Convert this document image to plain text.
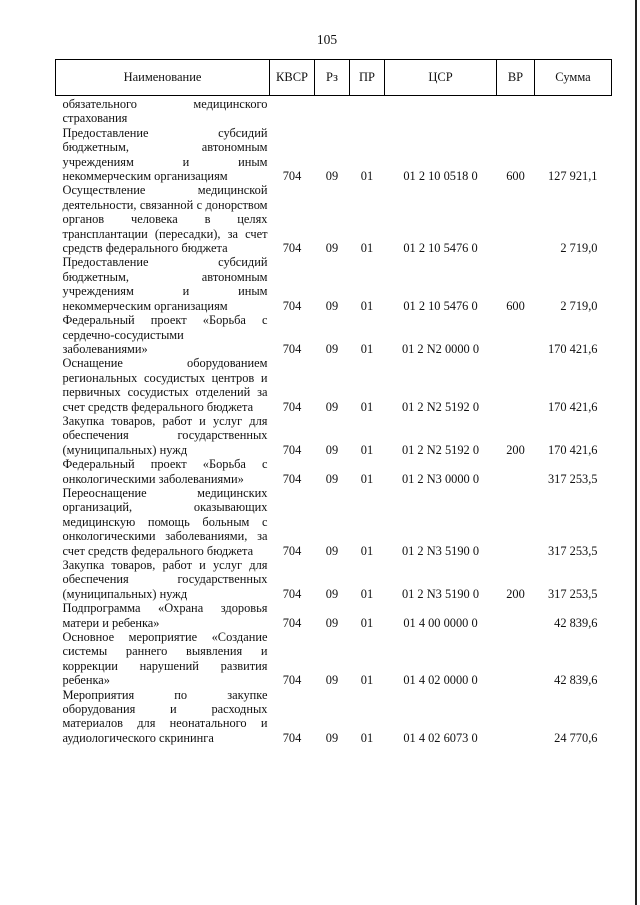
105
Наименование	КВСР	Рз	ПР	ЦСР	ВР	Сумма
обязательного медицинского страхования						
Предоставление субсидий бюджетным, автономным учреждениям и иным некоммерческим организациям	704	09	01	01 2 10 0518 0	600	127 921,1
Осуществление медицинской деятельности, связанной с донорством органов человека в целях трансплантации (пересадки), за счет средств федерального бюджета	704	09	01	01 2 10 5476 0		2 719,0
Предоставление субсидий бюджетным, автономным учреждениям и иным некоммерческим организациям	704	09	01	01 2 10 5476 0	600	2 719,0
Федеральный проект «Борьба с сердечно-сосудистыми заболеваниями»	704	09	01	01 2 N2 0000 0		170 421,6
Оснащение оборудованием региональных сосудистых центров и первичных сосудистых отделений за счет средств федерального бюджета	704	09	01	01 2 N2 5192 0		170 421,6
Закупка товаров, работ и услуг для обеспечения государственных (муниципальных) нужд	704	09	01	01 2 N2 5192 0	200	170 421,6
Федеральный проект «Борьба с онкологическими заболеваниями»	704	09	01	01 2 N3 0000 0		317 253,5
Переоснащение медицинских организаций, оказывающих медицинскую помощь больным с онкологическими заболеваниями, за счет средств федерального бюджета	704	09	01	01 2 N3 5190 0		317 253,5
Закупка товаров, работ и услуг для обеспечения государственных (муниципальных) нужд	704	09	01	01 2 N3 5190 0	200	317 253,5
Подпрограмма «Охрана здоровья матери и ребенка»	704	09	01	01 4 00 0000 0		42 839,6
Основное мероприятие «Создание системы раннего выявления и коррекции нарушений развития ребенка»	704	09	01	01 4 02 0000 0		42 839,6
Мероприятия по закупке оборудования и расходных материалов для неонатального и аудиологического скрининга	704	09	01	01 4 02 6073 0		24 770,6
